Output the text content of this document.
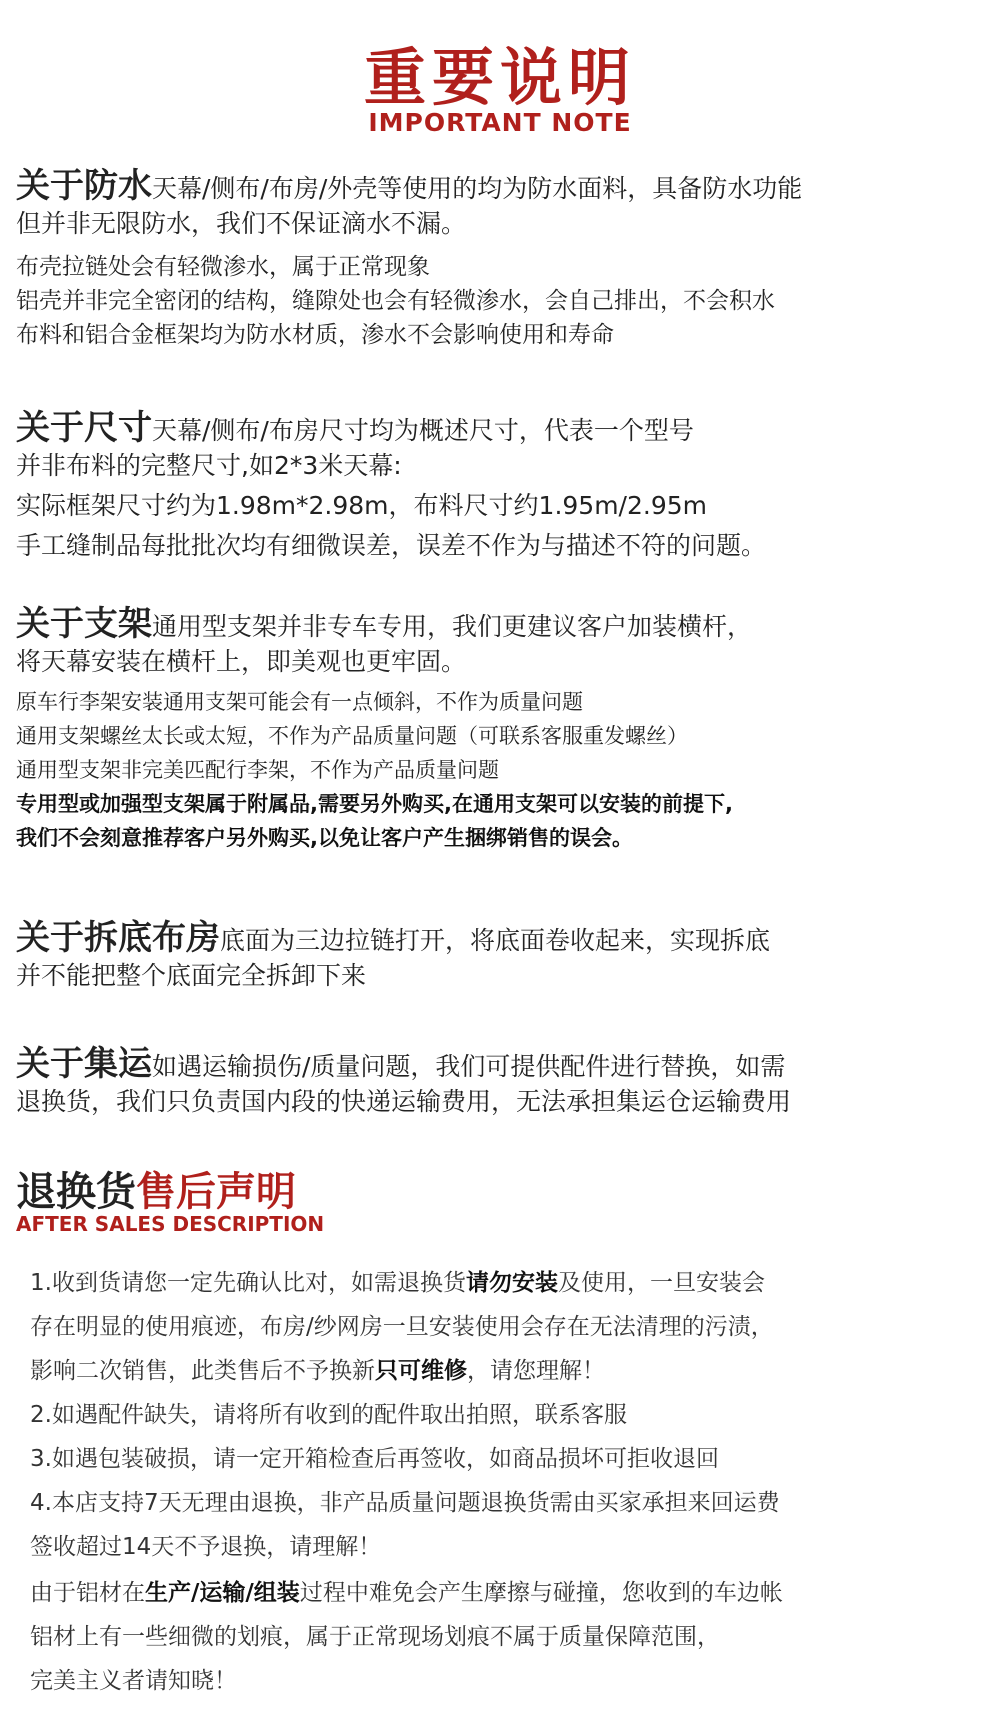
重要说明
IMPORTANT NOTE
关于防水天幕/侧布/布房/外壳等使用的均为防水面料，具备防水功能
但并非无限防水，我们不保证滴水不漏。
布壳拉链处会有轻微渗水，属于正常现象
铝壳并非完全密闭的结构，缝隙处也会有轻微渗水，会自己排出，不会积水
布料和铝合金框架均为防水材质，渗水不会影响使用和寿命
关于尺寸天幕/侧布/布房尺寸均为概述尺寸，代表一个型号
并非布料的完整尺寸,如2*3米天幕:
实际框架尺寸约为1.98m*2.98m，布料尺寸约1.95m/2.95m
手工缝制品每批批次均有细微误差，误差不作为与描述不符的问题。
关于支架通用型支架并非专车专用，我们更建议客户加装横杆，
将天幕安装在横杆上，即美观也更牢固。
原车行李架安装通用支架可能会有一点倾斜，不作为质量问题
通用支架螺丝太长或太短，不作为产品质量问题（可联系客服重发螺丝）
通用型支架非完美匹配行李架，不作为产品质量问题
专用型或加强型支架属于附属品,需要另外购买,在通用支架可以安装的前提下,
我们不会刻意推荐客户另外购买,以免让客户产生捆绑销售的误会。
关于拆底布房底面为三边拉链打开，将底面卷收起来，实现拆底
并不能把整个底面完全拆卸下来
关于集运如遇运输损伤/质量问题，我们可提供配件进行替换，如需
退换货，我们只负责国内段的快递运输费用，无法承担集运仓运输费用
退换货售后声明
AFTER SALES DESCRIPTION
1.收到货请您一定先确认比对，如需退换货请勿安装及使用，一旦安装会
存在明显的使用痕迹，布房/纱网房一旦安装使用会存在无法清理的污渍，
影响二次销售，此类售后不予换新只可维修，请您理解！
2.如遇配件缺失，请将所有收到的配件取出拍照，联系客服
3.如遇包装破损，请一定开箱检查后再签收，如商品损坏可拒收退回
4.本店支持7天无理由退换，非产品质量问题退换货需由买家承担来回运费
签收超过14天不予退换，请理解！
由于铝材在生产/运输/组装过程中难免会产生摩擦与碰撞，您收到的车边帐
铝材上有一些细微的划痕，属于正常现场划痕不属于质量保障范围，
完美主义者请知晓！
